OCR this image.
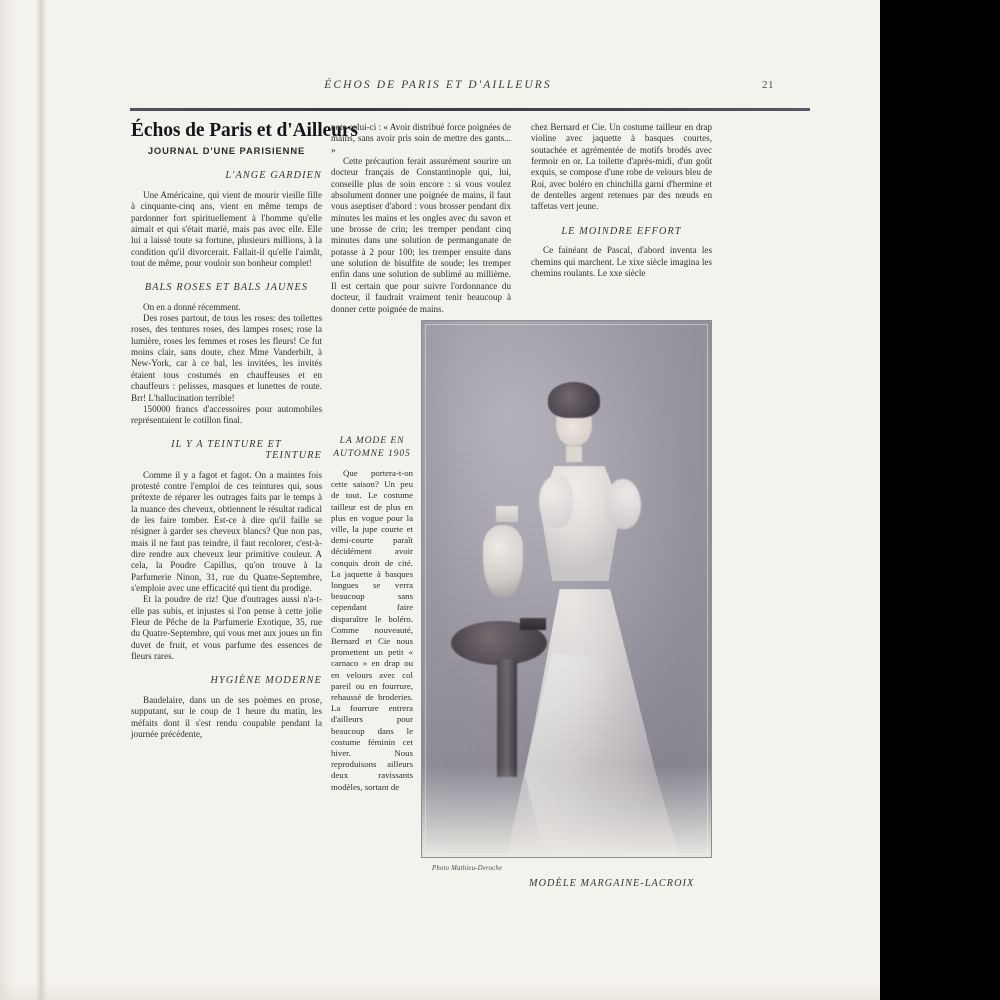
ÉCHOS DE PARIS ET D'AILLEURS	21
Échos de Paris et d'Ailleurs
JOURNAL D'UNE PARISIENNE
L'ANGE GARDIEN

Une Américaine, qui vient de mourir vieille fille à cinquante-cinq ans, vient en même temps de pardonner fort spirituellement à l'homme qu'elle aimait et qui s'était marié, mais pas avec elle. Elle lui a laissé toute sa fortune, plusieurs millions, à la condition qu'il divorcerait. Fallait-il qu'elle l'aimât, tout de même, pour vouloir son bonheur complet!

BALS ROSES ET BALS JAUNES

On en a donné récemment.

Des roses partout, de tous les roses: des toilettes roses, des tentures roses, des lampes roses; rose la lumière, roses les femmes et roses les fleurs! Ce fut moins clair, sans doute, chez Mme Vanderbilt, à New-York, car à ce bal, les invitées, les invités étaient tous costumés en chauffeuses et en chauffeurs : pelisses, masques et lunettes de route. Brr! L'hallucination terrible!

150000 francs d'accessoires pour automobiles représentaient le cotillon final.

IL Y A TEINTURE ET
TEINTURE

Comme il y a fagot et fagot. On a maintes fois protesté contre l'emploi de ces teintures qui, sous prétexte de réparer les outrages faits par le temps à la nuance des cheveux, obtiennent le résultat radical de les faire tomber. Est-ce à dire qu'il faille se résigner à garder ses cheveux blancs? Que non pas, mais il ne faut pas teindre, il faut recolorer, c'est-à-dire rendre aux cheveux leur primitive couleur. A cela, la Poudre Capillus, qu'on trouve à la Parfumerie Ninon, 31, rue du Quatre-Septembre, s'emploie avec une efficacité qui tient du prodige.

Et la poudre de riz! Que d'outrages aussi n'a-t-elle pas subis, et injustes si l'on pense à cette jolie Fleur de Pêche de la Parfumerie Exotique, 35, rue du Quatre-Septembre, qui vous met aux joues un fin duvet de fruit, et vous parfume des essences de fleurs rares.

HYGIÈNE MODERNE

Baudelaire, dans un de ses poèmes en prose, supputant, sur le coup de 1 heure du matin, les méfaits dont il s'est rendu coupable pendant la journée précédente,

note celui-ci : « Avoir distribué force poignées de mains, sans avoir pris soin de mettre des gants... »

Cette précaution ferait assurément sourire un docteur français de Constantinople qui, lui, conseille plus de soin encore : si vous voulez absolument donner une poignée de mains, il faut vous aseptiser d'abord : vous brosser pendant dix minutes les mains et les ongles avec du savon et une brosse de crin; les tremper pendant cinq minutes dans une solution de permanganate de potasse à 2 pour 100; les tremper ensuite dans une solution de bisulfite de soude; les tremper enfin dans une solution de sublimé au millième. Il est certain que pour suivre l'ordonnance du docteur, il faudrait vraiment tenir beaucoup à donner cette poignée de mains.

LA MODE EN
AUTOMNE 1905

Que portera-t-on cette saison? Un peu de tout. Le costume tailleur est de plus en plus en vogue pour la ville, la jupe courte et demi-courte paraît décidément avoir conquis droit de cité. La jaquette à basques longues se verra beaucoup sans cependant faire disparaître le boléro. Comme nouveauté, Bernard et Cie nous promettent un petit « carnaco » en drap ou en velours avec col pareil ou en fourrure, rehaussé de broderies. La fourrure entrera d'ailleurs pour beaucoup dans le costume féminin cet hiver. Nous reproduisons ailleurs deux ravissants modèles, sortant de

chez Bernard et Cie. Un costume tailleur en drap violine avec jaquette à basques courtes, soutachée et agrémentée de motifs brodés avec fermoir en or. La toilette d'après-midi, d'un goût exquis, se compose d'une robe de velours bleu de Roi, avec boléro en chinchilla garni d'hermine et de dentelles argent retenues par des nœuds en taffetas vert jeune.

LE MOINDRE EFFORT

Ce fainéant de Pascal, d'abord inventa les chemins qui marchent. Le xixe siècle imagina les chemins roulants. Le xxe siècle

Photo Mathieu-Deroche
MODÈLE MARGAINE-LACROIX
